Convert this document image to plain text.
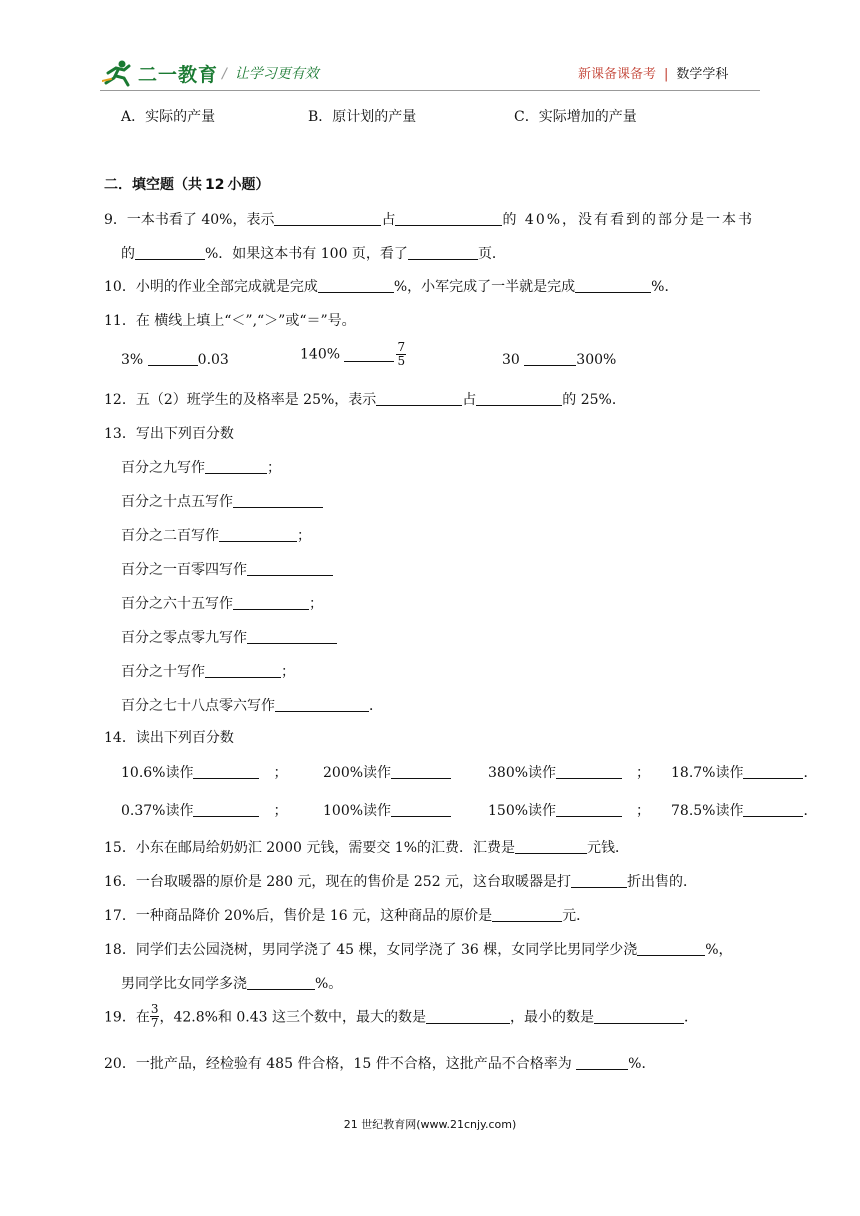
二一教育 / 让学习更有效	新课备课备考 | 数学学科
A．实际的产量	B．原计划的产量	C．实际增加的产量
二．填空题（共 12 小题）
9．一本书看了 40%，表示	占	的 40%，没有看到的部分是一本书
的	%．如果这本书有 100 页，看了	页．
10．小明的作业全部完成就是完成	%，小军完成了一半就是完成	%．
11．在 横线上填上“＜”,“＞”或“＝”号。
3%	0.03	140%	$\frac{7}{5}$	30	300%
12．五（2）班学生的及格率是 25%，表示	占	的 25%．
13．写出下列百分数
百分之九写作	；
百分之十点五写作
百分之二百写作	；
百分之一百零四写作
百分之六十五写作	；
百分之零点零九写作
百分之十写作	；
百分之七十八点零六写作	．
14．读出下列百分数
10.6%读作	；	200%读作	380%读作	； 18.7%读作	．
0.37%读作	；	100%读作	150%读作	； 78.5%读作	．
15．小东在邮局给奶奶汇 2000 元钱，需要交 1%的汇费．汇费是	元钱．
16．一台取暖器的原价是 280 元，现在的售价是 252 元，这台取暖器是打	折出售的．
17．一种商品降价 20%后，售价是 16 元，这种商品的原价是	元．
18．同学们去公园浇树，男同学浇了 45 棵，女同学浇了 36 棵，女同学比男同学少浇	%，
男同学比女同学多浇	%。
19．在 $\frac{3}{7}$ ，42.8%和 0.43 这三个数中，最大的数是	，最小的数是	．
20．一批产品，经检验有 485 件合格，15 件不合格，这批产品不合格率为	%．
21 世纪教育网(www.21cnjy.com)
